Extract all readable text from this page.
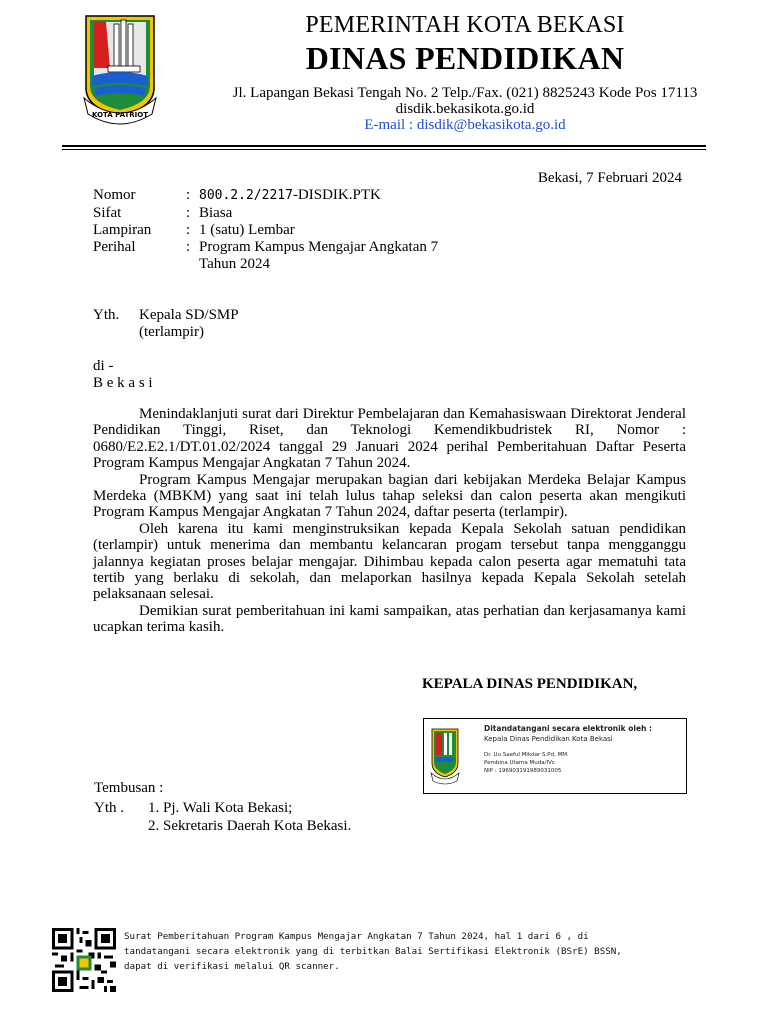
KOTA PATRIOT
PEMERINTAH KOTA BEKASI
DINAS PENDIDIKAN
Jl. Lapangan Bekasi Tengah No. 2 Telp./Fax. (021) 8825243 Kode Pos 17113
disdik.bekasikota.go.id
E-mail : disdik@bekasikota.go.id
Bekasi, 7 Februari 2024
Nomor	: 800.2.2/2217-DISDIK.PTK
Sifat	: Biasa
Lampiran	: 1 (satu) Lembar
Perihal	: Program Kampus Mengajar Angkatan 7
Tahun 2024
Yth. Kepala SD/SMP
(terlampir)
di -
B e k a s i

Menindaklanjuti surat dari Direktur Pembelajaran dan Kemahasiswaan Direktorat Jenderal Pendidikan Tinggi, Riset, dan Teknologi Kemendikbudristek RI, Nomor : 0680/E2.E2.1/DT.01.02/2024 tanggal 29 Januari 2024 perihal Pemberitahuan Daftar Peserta Program Kampus Mengajar Angkatan 7 Tahun 2024.

Program Kampus Mengajar merupakan bagian dari kebijakan Merdeka Belajar Kampus Merdeka (MBKM) yang saat ini telah lulus tahap seleksi dan calon peserta akan mengikuti Program Kampus Mengajar Angkatan 7 Tahun 2024, daftar peserta (terlampir).

Oleh karena itu kami menginstruksikan kepada Kepala Sekolah satuan pendidikan (terlampir) untuk menerima dan membantu kelancaran progam tersebut tanpa mengganggu jalannya kegiatan proses belajar mengajar. Dihimbau kepada calon peserta agar mematuhi tata tertib yang berlaku di sekolah, dan melaporkan hasilnya kepada Kepala Sekolah setelah pelaksanaan selesai.

Demikian surat pemberitahuan ini kami sampaikan, atas perhatian dan kerjasamanya kami ucapkan terima kasih.

KEPALA DINAS PENDIDIKAN,
Ditandatangani secara elektronik oleh :
Kepala Dinas Pendidikan Kota Bekasi
Dr. Uu Saeful Mikdar S.Pd, MM.
Pembina Utama Muda/IVc
NIP : 196903191989031005
Tembusan :
Yth . 1. Pj. Wali Kota Bekasi;
2. Sekretaris Daerah Kota Bekasi.
Surat Pemberitahuan Program Kampus Mengajar Angkatan 7 Tahun 2024, hal 1 dari 6 , di
tandatangani secara elektronik yang di terbitkan Balai Sertifikasi Elektronik (BSrE) BSSN,
dapat di verifikasi melalui QR scanner.
